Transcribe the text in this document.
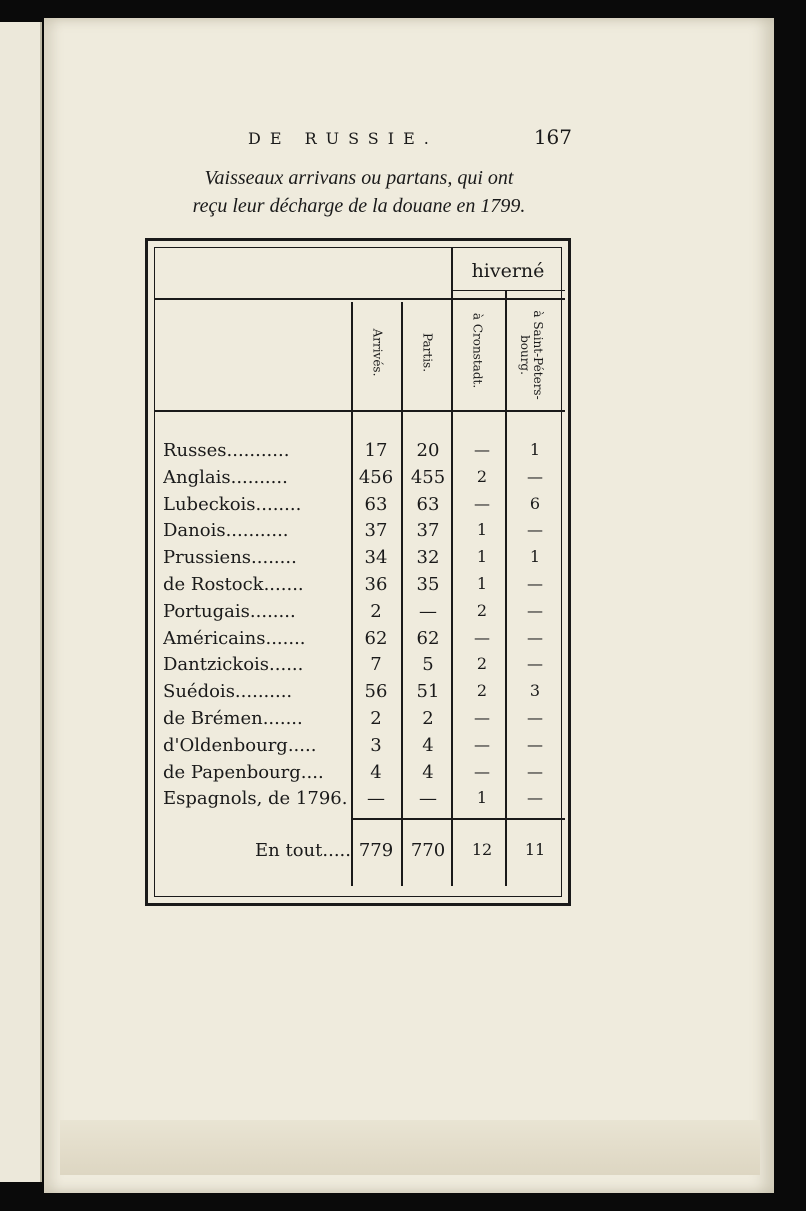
DE RUSSIE.	167
Vaisseaux arrivans ou partans, qui ont
reçu leur décharge de la douane en 1799.
hiverné
Arrivés.	Partis.	à Cronstadt.	à Saint-Péters-bourg.
Russes...........	17	20	—	1
Anglais..........	456 455	2	—
Lubeckois........	63	63	—	6
Danois...........	37	37	1	—
Prussiens........	34	32	1	1
de Rostock.......	36	35	1	—
Portugais........	2	—	2	—
Américains.......	62	62	—	—
Dantzickois......	7	5	2	—
Suédois..........	56	51	2	3
de Brémen.......	2	2	—	—
d'Oldenbourg.....	3	4	—	—
de Papenbourg....	4	4	—	—
Espagnols, de 1796.	—	—	1	—
En tout..... 779 770	12	11
